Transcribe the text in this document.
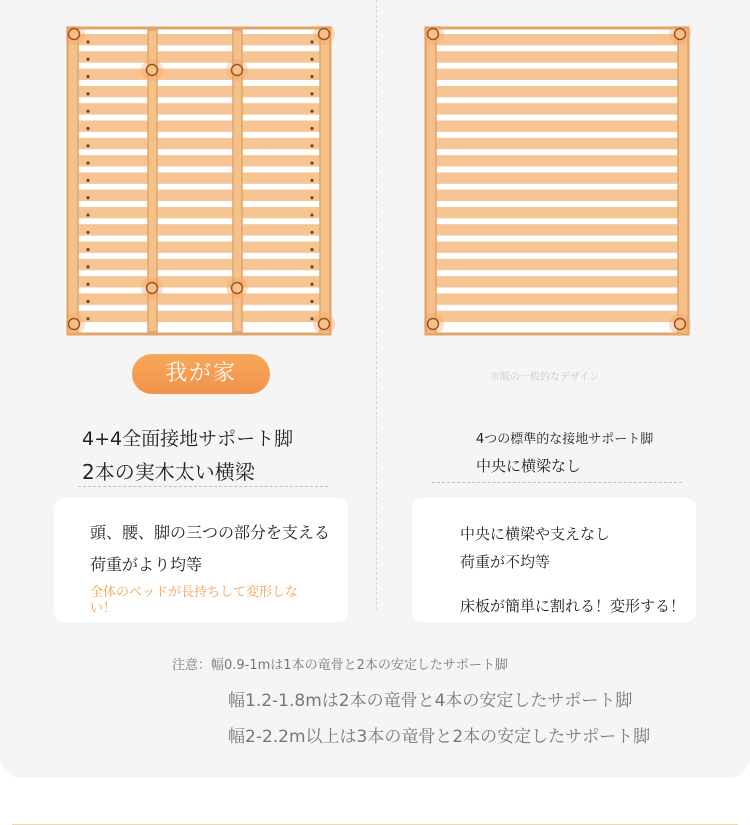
我が家	市販の一般的なデザイン
4+4全面接地サポート脚
2本の実木太い横梁
4つの標準的な接地サポート脚
中央に横梁なし
頭、腰、脚の三つの部分を支える
荷重がより均等
全体のベッドが長持ちして変形しない！
中央に横梁や支えなし
荷重が不均等
床板が簡単に割れる！変形する！
注意：幅0.9-1mは1本の竜骨と2本の安定したサポート脚
幅1.2-1.8mは2本の竜骨と4本の安定したサポート脚
幅2-2.2m以上は3本の竜骨と2本の安定したサポート脚
